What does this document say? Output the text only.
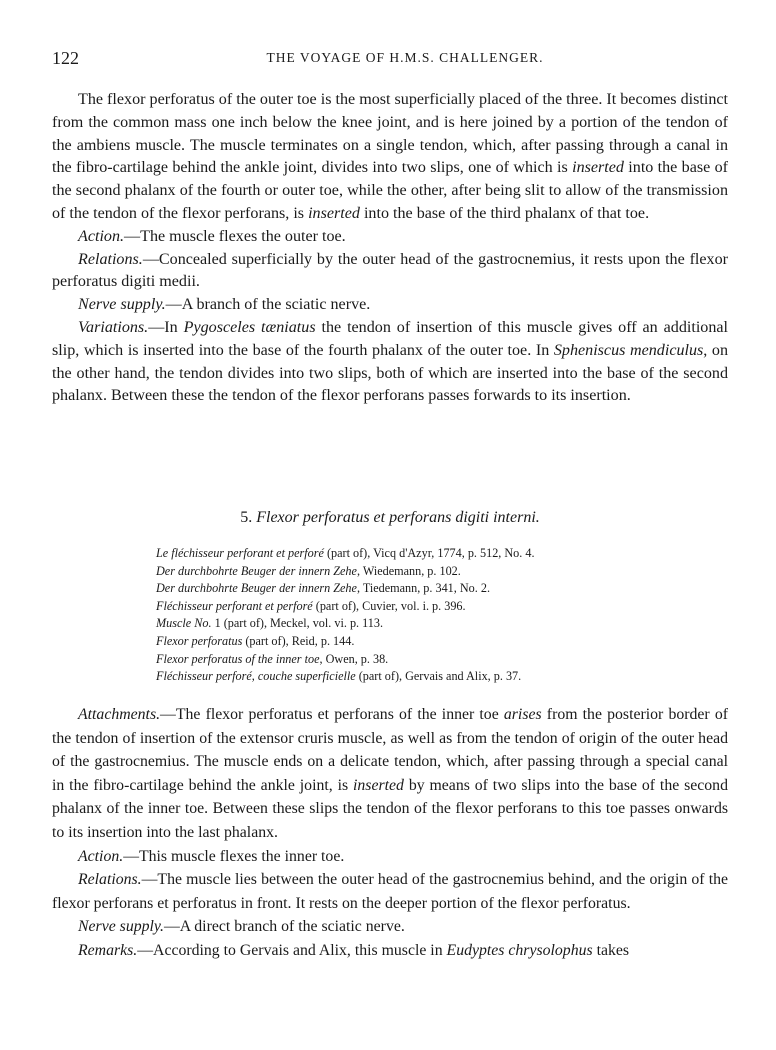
122	THE VOYAGE OF H.M.S. CHALLENGER.

The flexor perforatus of the outer toe is the most superficially placed of the three. It becomes distinct from the common mass one inch below the knee joint, and is here joined by a portion of the tendon of the ambiens muscle. The muscle terminates on a single tendon, which, after passing through a canal in the fibro-cartilage behind the ankle joint, divides into two slips, one of which is inserted into the base of the second phalanx of the fourth or outer toe, while the other, after being slit to allow of the transmission of the tendon of the flexor perforans, is inserted into the base of the third phalanx of that toe.

Action.—The muscle flexes the outer toe.

Relations.—Concealed superficially by the outer head of the gastrocnemius, it rests upon the flexor perforatus digiti medii.

Nerve supply.—A branch of the sciatic nerve.

Variations.—In Pygosceles tæniatus the tendon of insertion of this muscle gives off an additional slip, which is inserted into the base of the fourth phalanx of the outer toe. In Spheniscus mendiculus, on the other hand, the tendon divides into two slips, both of which are inserted into the base of the second phalanx. Between these the tendon of the flexor perforans passes forwards to its insertion.

5. Flexor perforatus et perforans digiti interni.
Le fléchisseur perforant et perforé (part of), Vicq d'Azyr, 1774, p. 512, No. 4.
Der durchbohrte Beuger der innern Zehe, Wiedemann, p. 102.
Der durchbohrte Beuger der innern Zehe, Tiedemann, p. 341, No. 2.
Fléchisseur perforant et perforé (part of), Cuvier, vol. i. p. 396.
Muscle No. 1 (part of), Meckel, vol. vi. p. 113.
Flexor perforatus (part of), Reid, p. 144.
Flexor perforatus of the inner toe, Owen, p. 38.
Fléchisseur perforé, couche superficielle (part of), Gervais and Alix, p. 37.

Attachments.—The flexor perforatus et perforans of the inner toe arises from the posterior border of the tendon of insertion of the extensor cruris muscle, as well as from the tendon of origin of the outer head of the gastrocnemius. The muscle ends on a delicate tendon, which, after passing through a special canal in the fibro-cartilage behind the ankle joint, is inserted by means of two slips into the base of the second phalanx of the inner toe. Between these slips the tendon of the flexor perforans to this toe passes onwards to its insertion into the last phalanx.

Action.—This muscle flexes the inner toe.

Relations.—The muscle lies between the outer head of the gastrocnemius behind, and the origin of the flexor perforans et perforatus in front. It rests on the deeper portion of the flexor perforatus.

Nerve supply.—A direct branch of the sciatic nerve.

Remarks.—According to Gervais and Alix, this muscle in Eudyptes chrysolophus takes
